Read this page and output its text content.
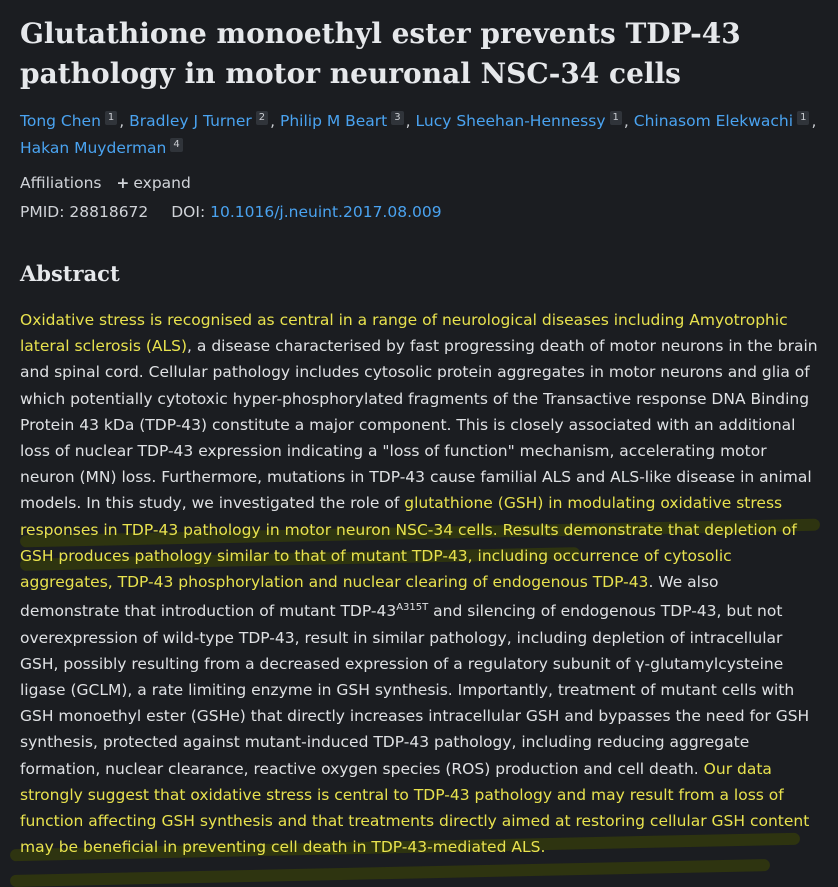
Glutathione monoethyl ester prevents TDP-43
pathology in motor neuronal NSC-34 cells
Tong Chen 1 , Bradley J Turner 2 , Philip M Beart 3 , Lucy Sheehan-Hennessy 1 , Chinasom Elekwachi 1 ,
Hakan Muyderman 4
Affiliations + expand
PMID: 28818672 DOI: 10.1016/j.neuint.2017.08.009
Abstract
Oxidative stress is recognised as central in a range of neurological diseases including Amyotrophic lateral sclerosis (ALS), a disease characterised by fast progressing death of motor neurons in the brain and spinal cord. Cellular pathology includes cytosolic protein aggregates in motor neurons and glia of which potentially cytotoxic hyper-phosphorylated fragments of the Transactive response DNA Binding Protein 43 kDa (TDP-43) constitute a major component. This is closely associated with an additional loss of nuclear TDP-43 expression indicating a "loss of function" mechanism, accelerating motor neuron (MN) loss. Furthermore, mutations in TDP-43 cause familial ALS and ALS-like disease in animal models. In this study, we investigated the role of glutathione (GSH) in modulating oxidative stress responses in TDP-43 pathology in motor neuron NSC-34 cells. Results demonstrate that depletion of GSH produces pathology similar to that of mutant TDP-43, including occurrence of cytosolic aggregates, TDP-43 phosphorylation and nuclear clearing of endogenous TDP-43. We also demonstrate that introduction of mutant TDP-$43^{A315T}$ and silencing of endogenous TDP-43, but not overexpression of wild-type TDP-43, result in similar pathology, including depletion of intracellular GSH, possibly resulting from a decreased expression of a regulatory subunit of γ-glutamylcysteine ligase (GCLM), a rate limiting enzyme in GSH synthesis. Importantly, treatment of mutant cells with GSH monoethyl ester (GSHe) that directly increases intracellular GSH and bypasses the need for GSH synthesis, protected against mutant-induced TDP-43 pathology, including reducing aggregate formation, nuclear clearance, reactive oxygen species (ROS) production and cell death. Our data strongly suggest that oxidative stress is central to TDP-43 pathology and may result from a loss of function affecting GSH synthesis and that treatments directly aimed at restoring cellular GSH content may be beneficial in preventing cell death in TDP-43-mediated ALS.
